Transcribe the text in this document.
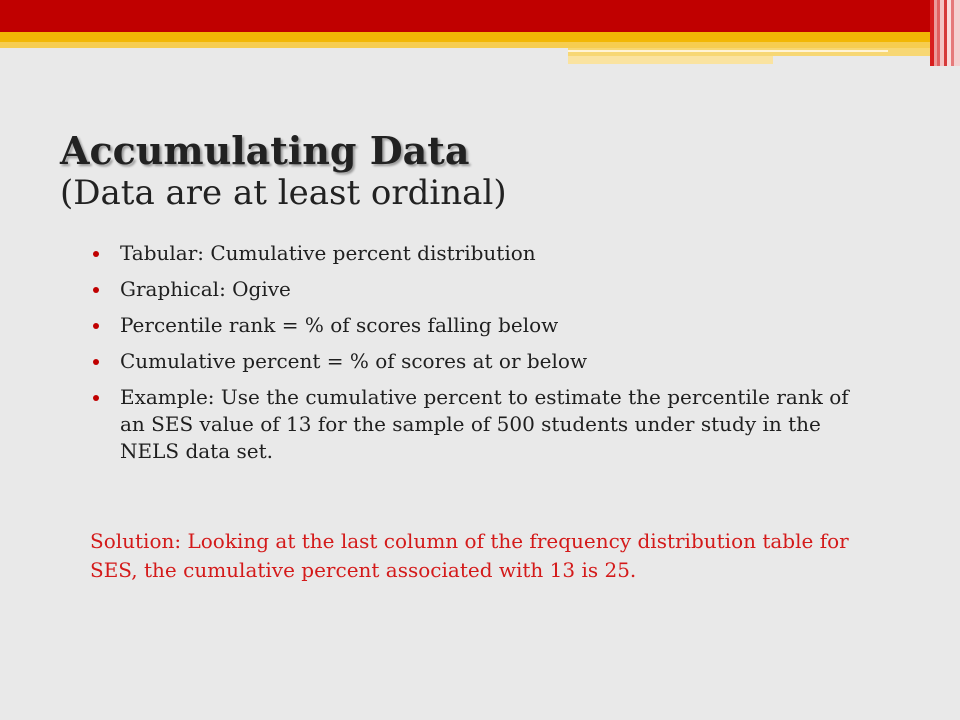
Accumulating Data
(Data are at least ordinal)
Tabular: Cumulative percent distribution
Graphical: Ogive
Percentile rank = % of scores falling below
Cumulative percent = % of scores at or below
Example: Use the cumulative percent to estimate the percentile rank of an SES value of 13 for the sample of 500 students under study in the NELS data set.

Solution: Looking at the last column of the frequency distribution table for SES, the cumulative percent associated with 13 is 25.
